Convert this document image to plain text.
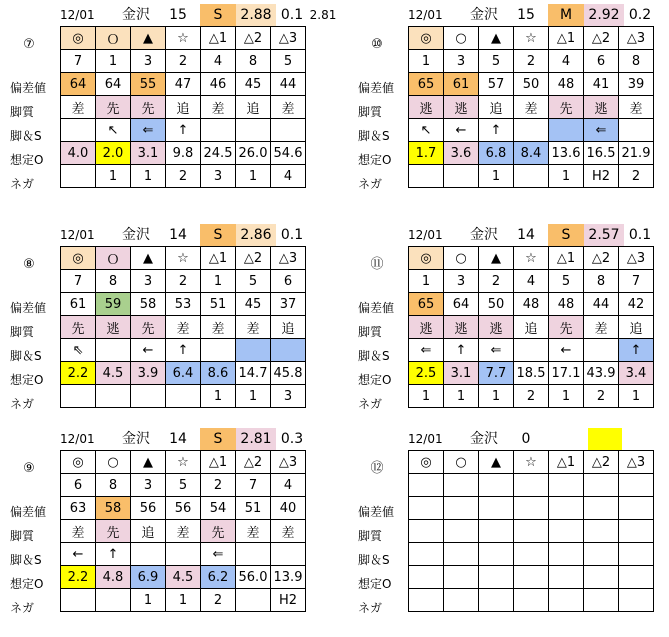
12/01	金沢	15	S	2.88 0.1 2.81
⑦
偏差値
脚質
脚＆S
想定O
ネガ
◎	Ｏ	▲	☆	△1	△2	△3
7	1	3	2	4	8	5
64	64	55	47	46	45	44
差	先	先	追	差	追	差
	↖	⇐	↑			
4.0	2.0	3.1	9.8	24.5	26.0	54.6
	1	1	2	3	1	4
12/01	金沢	15	M	2.92 0.2
⑩
偏差値
脚質
脚＆S
想定O
ネガ
◎	○	▲	☆	△1	△2	△3
1	3	5	2	4	6	8
65	61	57	50	48	41	39
逃	逃	追	差	先	逃	差
↖	←	↑			⇐	
1.7	3.6	6.8	8.4	13.6	16.5	21.9
		1		1	H2	2
12/01	金沢	14	S	2.86 0.1
⑧
偏差値
脚質
脚＆S
想定O
ネガ
◎	Ｏ	▲	☆	△1	△2	△3
7	8	3	2	1	5	6
61	59	58	53	51	45	37
先	逃	先	差	差	差	追
⇖		←	↑			
2.2	4.5	3.9	6.4	8.6	14.7	45.8
				1	1	3
12/01	金沢	14	S	2.57 0.1
⑪
偏差値
脚質
脚＆S
想定O
ネガ
◎	○	▲	☆	△1	△2	△3
1	3	2	4	5	8	7
65	64	50	48	48	44	42
逃	逃	逃	追	先	差	追
⇐	↑	⇐		←		↑
2.5	3.1	7.7	18.5	17.1	43.9	3.4
1	1	1	2	1	2	1
12/01	金沢	14	S	2.81 0.3
⑨
偏差値
脚質
脚＆S
想定O
ネガ
◎	○	▲	☆	△1	△2	△3
6	8	3	5	2	7	4
63	58	56	56	54	51	40
差	先	追	差	先	差	差
←	↑			⇐		
2.2	4.8	6.9	4.5	6.2	56.0	13.9
		1	1	2		H2
12/01	金沢	0
⑫
偏差値
脚質
脚＆S
想定O
ネガ
◎	○	▲	☆	△1	△2	△3
